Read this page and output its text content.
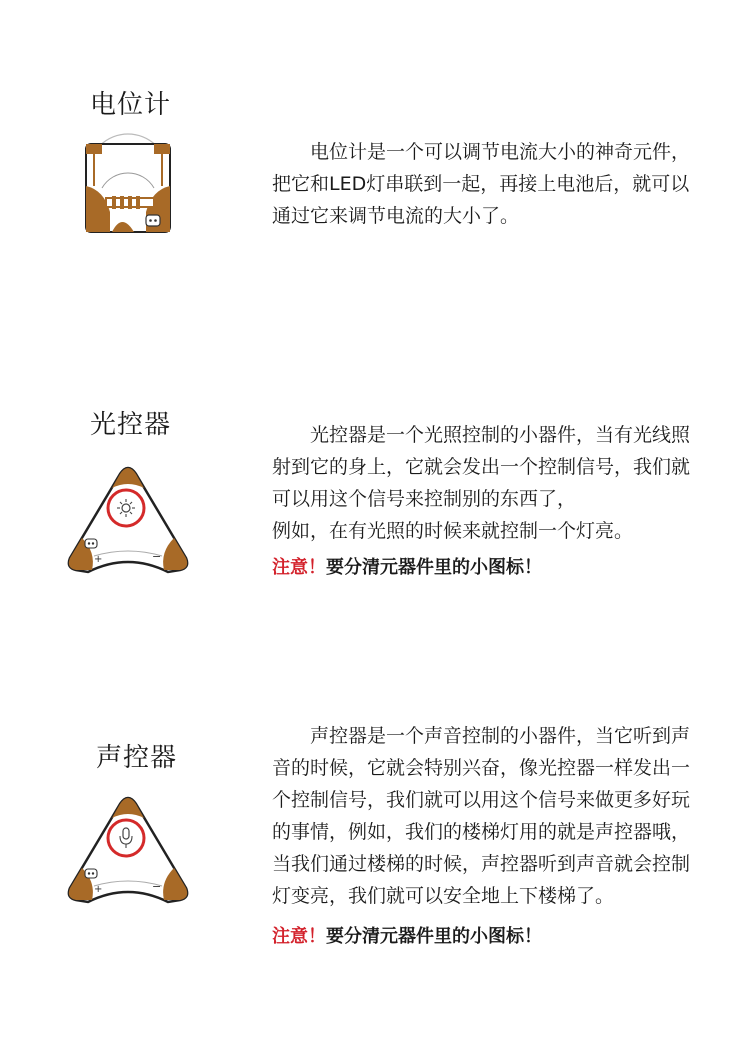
电位计

电位计是一个可以调节电流大小的神奇元件，把它和LED灯串联到一起，再接上电池后，就可以通过它来调节电流的大小了。

光控器
+	−

光控器是一个光照控制的小器件，当有光线照射到它的身上，它就会发出一个控制信号，我们就可以用这个信号来控制别的东西了，

例如，在有光照的时候来就控制一个灯亮。

注意！要分清元器件里的小图标！
声控器
+	−

声控器是一个声音控制的小器件，当它听到声音的时候，它就会特别兴奋，像光控器一样发出一个控制信号，我们就可以用这个信号来做更多好玩的事情，例如，我们的楼梯灯用的就是声控器哦，当我们通过楼梯的时候，声控器听到声音就会控制灯变亮，我们就可以安全地上下楼梯了。

注意！要分清元器件里的小图标！
